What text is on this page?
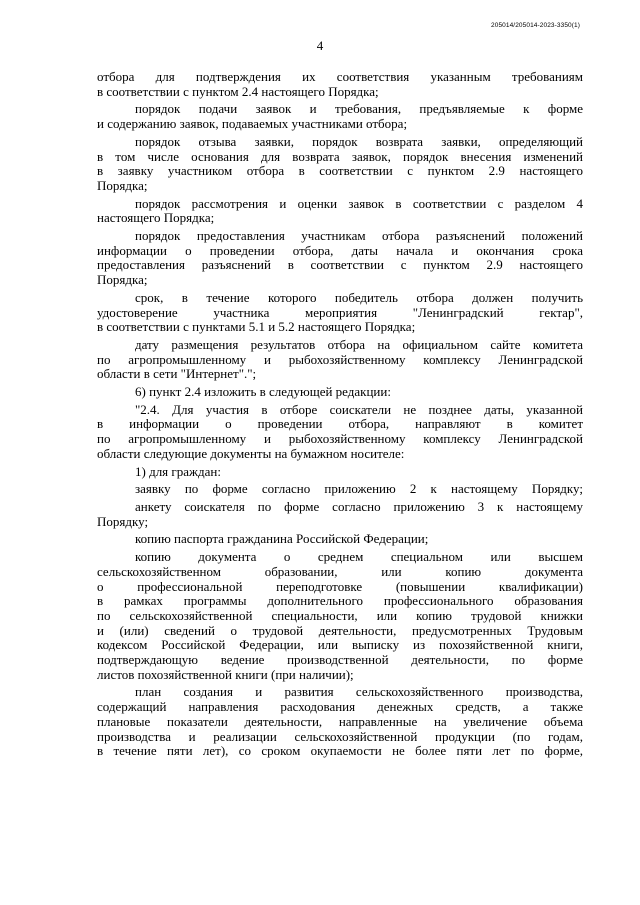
205014/205014-2023-3350(1)
4
отбора для подтверждения их соответствия указанным требованиям
в соответствии с пунктом 2.4 настоящего Порядка;
порядок подачи заявок и требования, предъявляемые к форме
и содержанию заявок, подаваемых участниками отбора;
порядок отзыва заявки, порядок возврата заявки, определяющий
в том числе основания для возврата заявок, порядок внесения изменений
в заявку участником отбора в соответствии с пунктом 2.9 настоящего
Порядка;
порядок рассмотрения и оценки заявок в соответствии с разделом 4
настоящего Порядка;
порядок предоставления участникам отбора разъяснений положений
информации о проведении отбора, даты начала и окончания срока
предоставления разъяснений в соответствии с пунктом 2.9 настоящего
Порядка;
срок, в течение которого победитель отбора должен получить
удостоверение участника мероприятия "Ленинградский гектар",
в соответствии с пунктами 5.1 и 5.2 настоящего Порядка;
дату размещения результатов отбора на официальном сайте комитета
по агропромышленному и рыбохозяйственному комплексу Ленинградской
области в сети "Интернет".";
6) пункт 2.4 изложить в следующей редакции:
"2.4. Для участия в отборе соискатели не позднее даты, указанной
в информации о проведении отбора, направляют в комитет
по агропромышленному и рыбохозяйственному комплексу Ленинградской
области следующие документы на бумажном носителе:
1) для граждан:
заявку по форме согласно приложению 2 к настоящему Порядку;
анкету соискателя по форме согласно приложению 3 к настоящему
Порядку;
копию паспорта гражданина Российской Федерации;
копию документа о среднем специальном или высшем
сельскохозяйственном образовании, или копию документа
о профессиональной переподготовке (повышении квалификации)
в рамках программы дополнительного профессионального образования
по сельскохозяйственной специальности, или копию трудовой книжки
и (или) сведений о трудовой деятельности, предусмотренных Трудовым
кодексом Российской Федерации, или выписку из похозяйственной книги,
подтверждающую ведение производственной деятельности, по форме
листов похозяйственной книги (при наличии);
план создания и развития сельскохозяйственного производства,
содержащий направления расходования денежных средств, а также
плановые показатели деятельности, направленные на увеличение объема
производства и реализации сельскохозяйственной продукции (по годам,
в течение пяти лет), со сроком окупаемости не более пяти лет по форме,
